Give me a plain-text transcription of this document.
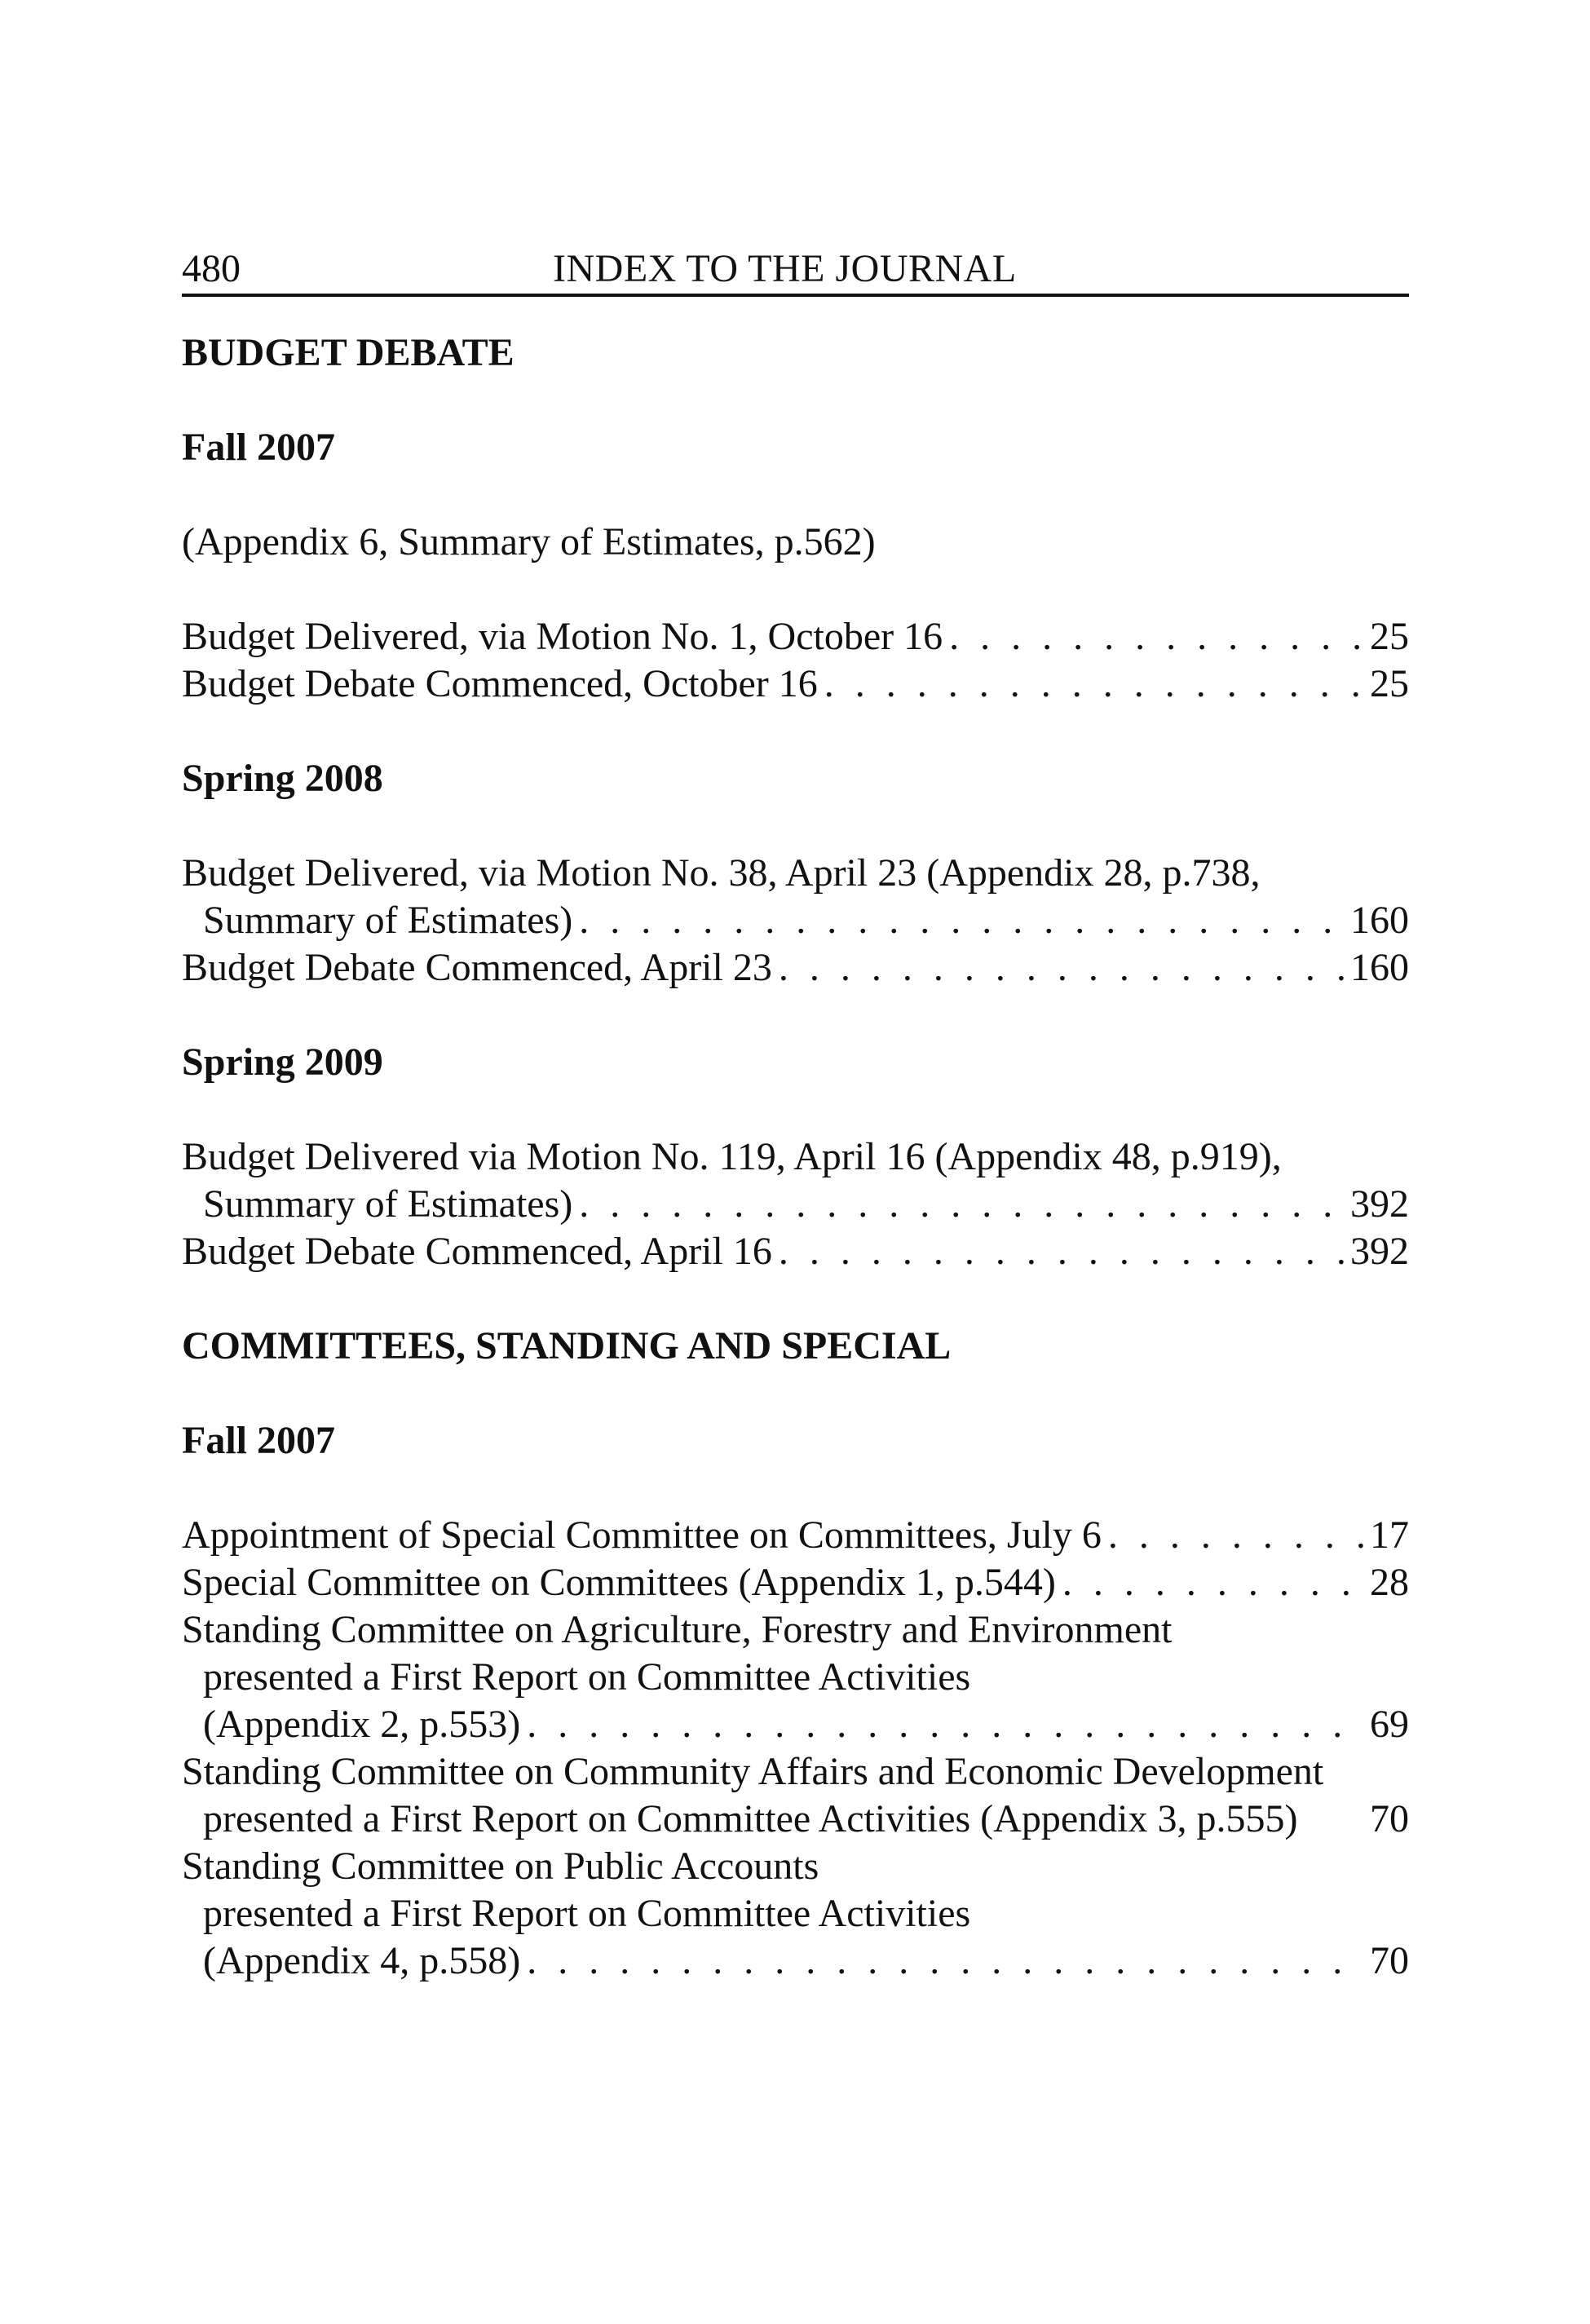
480	INDEX TO THE JOURNAL
BUDGET DEBATE
Fall 2007
(Appendix 6, Summary of Estimates, p.562)
Budget Delivered, via Motion No. 1, October 16 . . .	25
Budget Debate Commenced, October 16 . . .	25
Spring 2008
Budget Delivered, via Motion No. 38, April 23 (Appendix 28, p.738,
Summary of Estimates) . . .	160
Budget Debate Commenced, April 23 . . .	160
Spring 2009
Budget Delivered via Motion No. 119, April 16 (Appendix 48, p.919),
Summary of Estimates) . . .	392
Budget Debate Commenced, April 16 . . .	392
COMMITTEES, STANDING AND SPECIAL
Fall 2007
Appointment of Special Committee on Committees, July 6 . . .	17
Special Committee on Committees (Appendix 1, p.544) . . .	28
Standing Committee on Agriculture, Forestry and Environment
presented a First Report on Committee Activities
(Appendix 2, p.553) . . .	69
Standing Committee on Community Affairs and Economic Development
presented a First Report on Committee Activities (Appendix 3, p.555)	70
Standing Committee on Public Accounts
presented a First Report on Committee Activities
(Appendix 4, p.558) . . .	70
